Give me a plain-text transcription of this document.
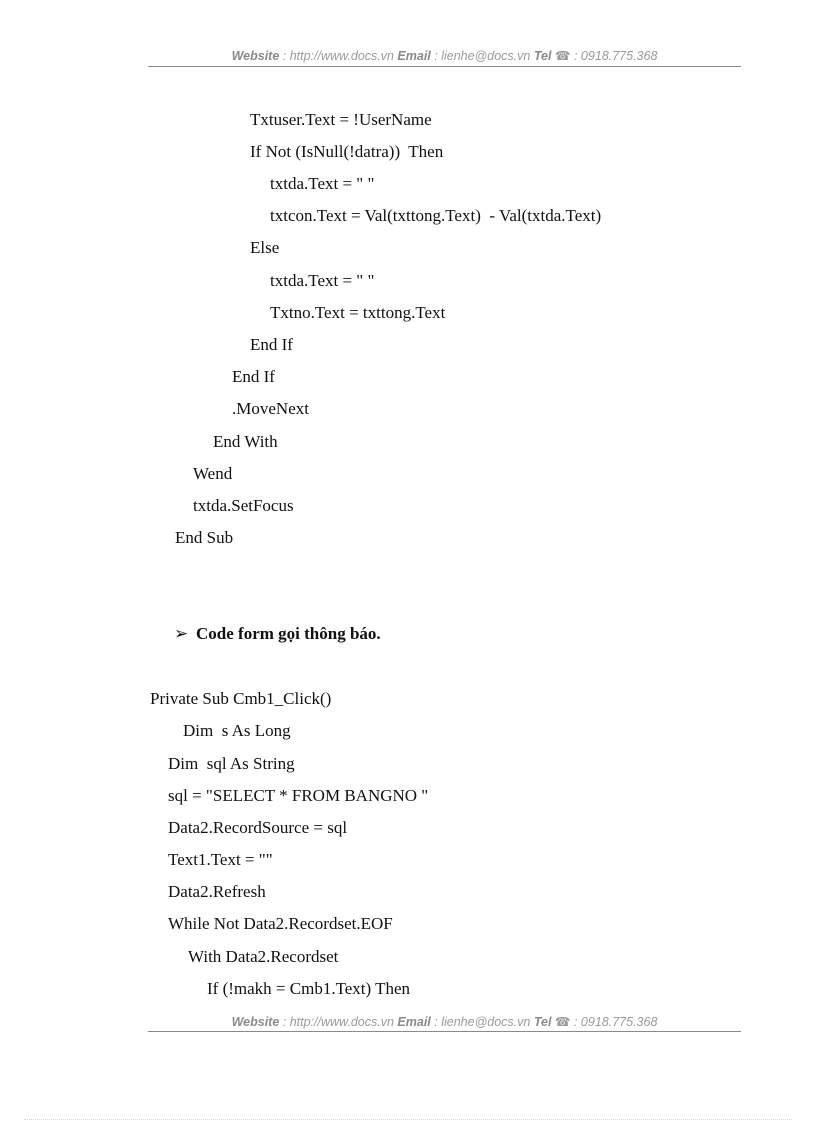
Website : http://www.docs.vn Email : lienhe@docs.vn Tel ☎ : 0918.775.368
Txtuser.Text = !UserName
If Not (IsNull(!datra))  Then
txtda.Text = " "
txtcon.Text = Val(txttong.Text)  - Val(txtda.Text)
Else
txtda.Text = " "
Txtno.Text = txttong.Text
End If
End If
.MoveNext
End With
Wend
txtda.SetFocus
End Sub
➢ Code form gọi thông báo.
Private Sub Cmb1_Click()
Dim  s As Long
Dim  sql As String
sql = "SELECT * FROM BANGNO "
Data2.RecordSource = sql
Text1.Text = ""
Data2.Refresh
While Not Data2.Recordset.EOF
With Data2.Recordset
If (!makh = Cmb1.Text) Then
Website : http://www.docs.vn Email : lienhe@docs.vn Tel ☎ : 0918.775.368
